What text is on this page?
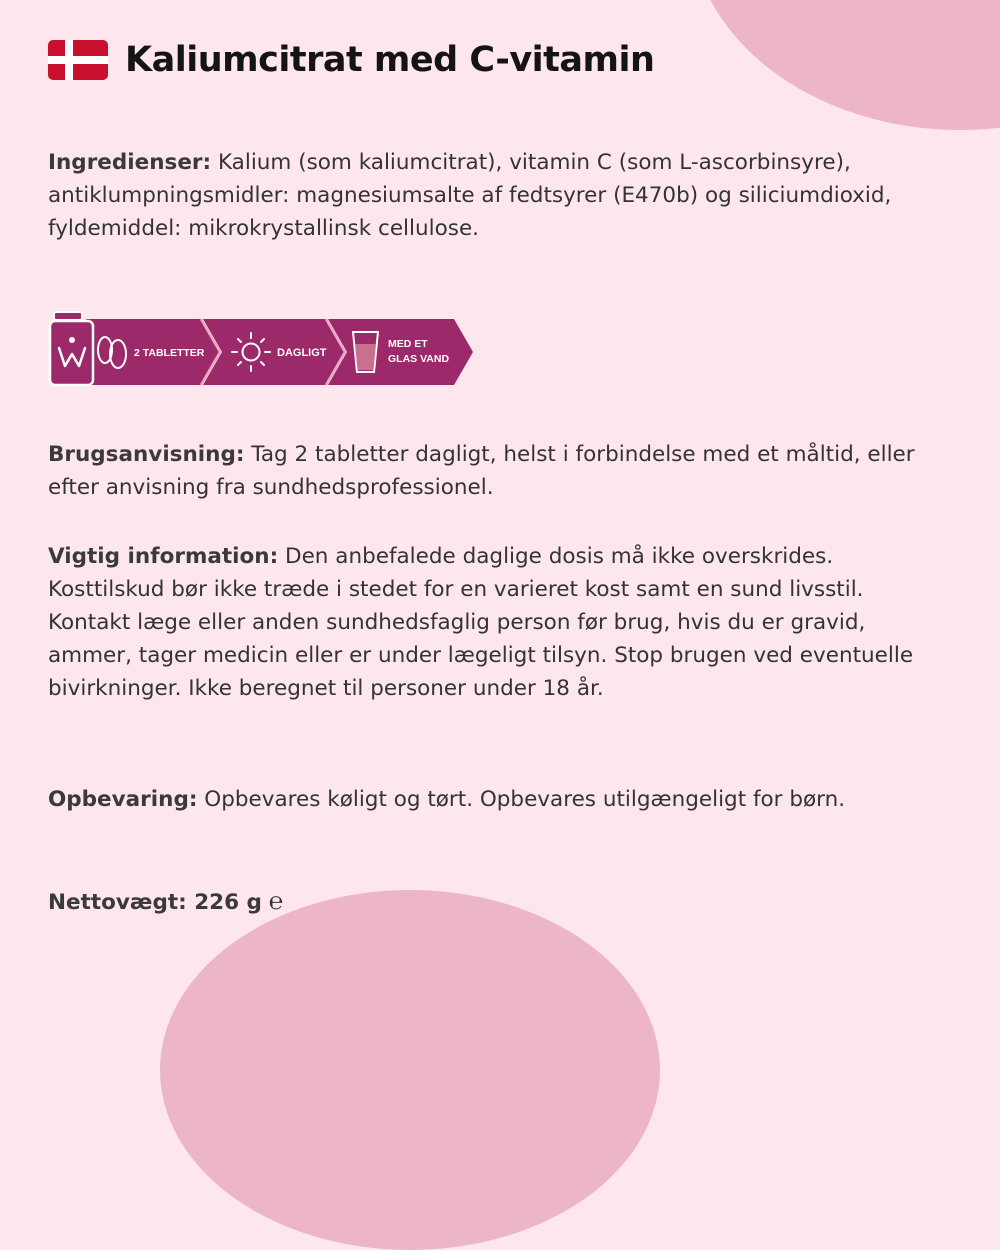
Kaliumcitrat med C-vitamin

Ingredienser: Kalium (som kaliumcitrat), vitamin C (som L-ascorbinsyre), antiklumpningsmidler: magnesiumsalte af fedtsyrer (E470b) og siliciumdioxid, fyldemiddel: mikrokrystallinsk cellulose.

2 TABLETTER	DAGLIGT
MED ET
GLAS VAND

Brugsanvisning: Tag 2 tabletter dagligt, helst i forbindelse med et måltid, eller efter anvisning fra sundhedsprofessionel.

Vigtig information: Den anbefalede daglige dosis må ikke overskrides. Kosttilskud bør ikke træde i stedet for en varieret kost samt en sund livsstil. Kontakt læge eller anden sundhedsfaglig person før brug, hvis du er gravid, ammer, tager medicin eller er under lægeligt tilsyn. Stop brugen ved eventuelle bivirkninger. Ikke beregnet til personer under 18 år.

Opbevaring: Opbevares køligt og tørt. Opbevares utilgængeligt for børn.

Nettovægt: 226 g ℮
